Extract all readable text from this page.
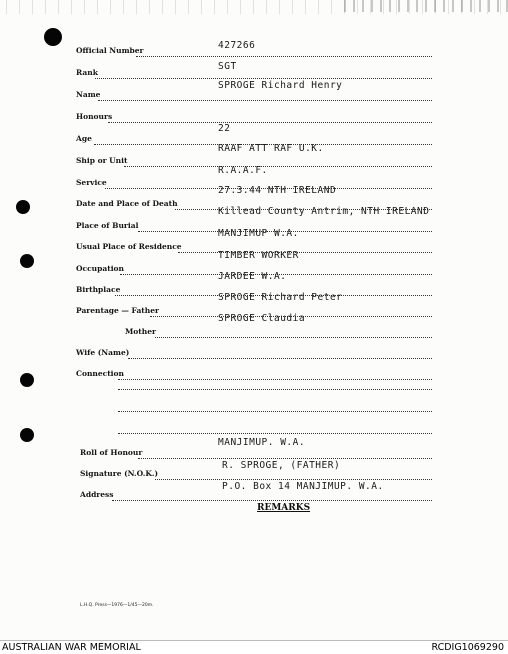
Official Number	427266
Rank
SGT
Name
SPROGE Richard Henry
Honours
Age
22
Ship or Unit
RAAF ATT RAF U.K.
Service
R.A.A.F.
Date and Place of Death
27.3.44 NTH IRELAND
Place of Burial
Killead County Antrim, NTH IRELAND
Usual Place of Residence
MANJIMUP W.A.
Occupation
TIMBER WORKER
Birthplace
JARDEE W.A.
Parentage — Father
SPROGE Richard Peter
Mother
SPROGE Claudia
Wife (Name)
Connection
Roll of Honour
MANJIMUP. W.A.
Signature (N.O.K.)
R. SPROGE, (FATHER)
Address
P.O. Box 14 MANJIMUP. W.A.
REMARKS
L.H.Q. Press—1976—1/45—20m.
AUSTRALIAN WAR MEMORIAL	RCDIG1069290
